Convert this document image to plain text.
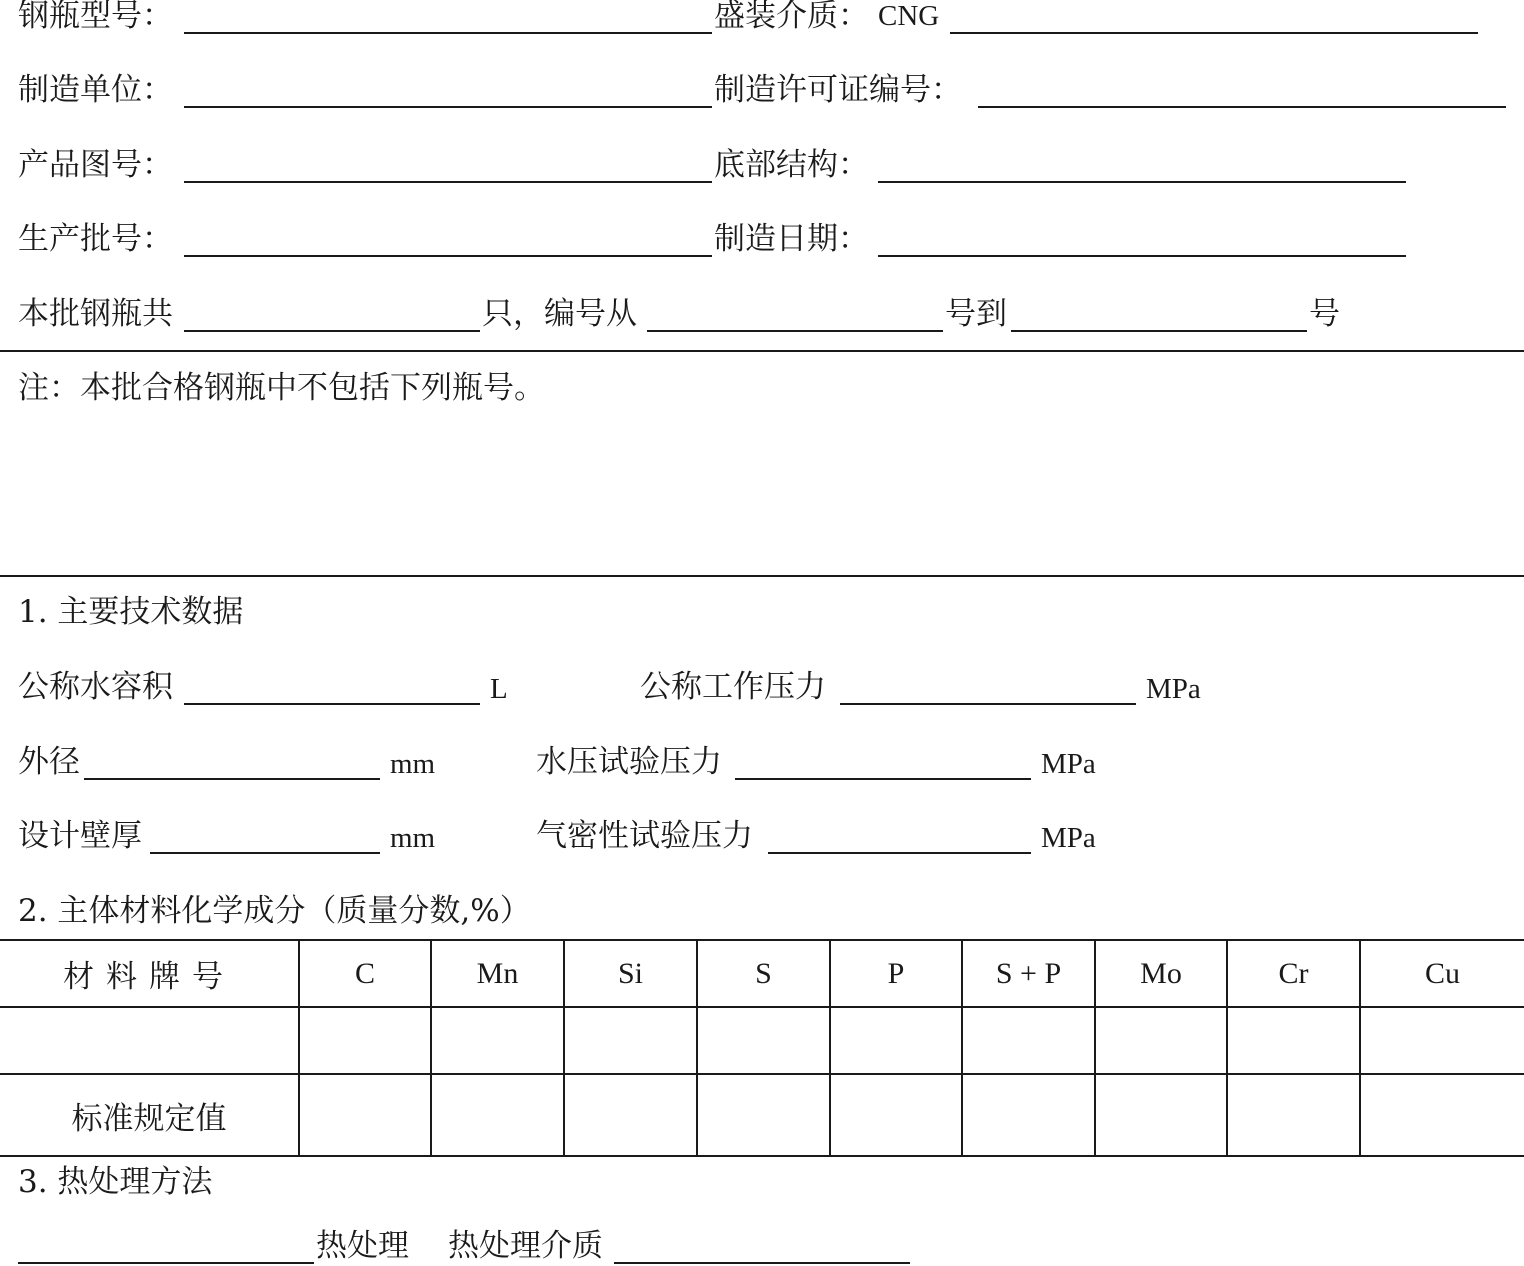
钢瓶型号：	盛装介质： CNG
制造单位：	制造许可证编号：
产品图号：	底部结构：
生产批号：	制造日期：
本批钢瓶共	只，编号从	号到	号
注：本批合格钢瓶中不包括下列瓶号。
1. 主要技术数据
公称水容积	L	公称工作压力	MPa
外径	mm	水压试验压力	MPa
设计壁厚	mm	气密性试验压力	MPa
2. 主体材料化学成分（质量分数,%）
材料牌号	C	Mn	Si	S	P	S + P	Mo	Cr	Cu

标准规定值									
3. 热处理方法
热处理 热处理介质
